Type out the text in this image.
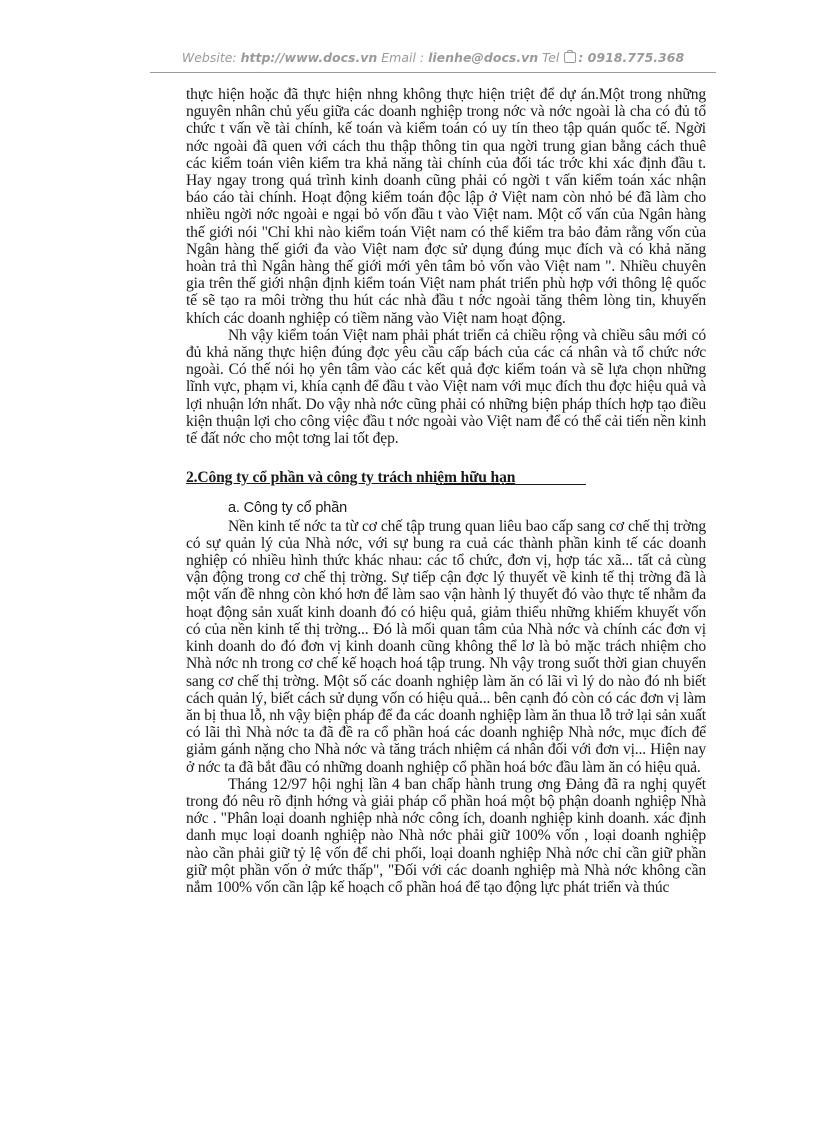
Website: http://www.docs.vn Email : lienhe@docs.vn Tel : 0918.775.368

thực hiện hoặc đã thực hiện nhng không thực hiện triệt để dự án.Một trong những nguyên nhân chủ yếu giữa các doanh nghiệp trong nớc và nớc ngoài là cha có đủ tổ chức t vấn về tài chính, kế toán và kiểm toán có uy tín theo tập quán quốc tế. Ngời nớc ngoài đã quen với cách thu thập thông tin qua ngời trung gian bằng cách thuê các kiểm toán viên kiểm tra khả năng tài chính của đối tác trớc khi xác định đầu t. Hay ngay trong quá trình kinh doanh cũng phải có ngời t vấn kiểm toán xác nhận báo cáo tài chính. Hoạt động kiểm toán độc lập ở Việt nam còn nhỏ bé đã làm cho nhiều ngời nớc ngoài e ngại bỏ vốn đầu t vào Việt nam. Một cố vấn của Ngân hàng thế giới nói "Chỉ khi nào kiểm toán Việt nam có thể kiểm tra bảo đảm rằng vốn của Ngân hàng thế giới đa vào Việt nam đợc sử dụng đúng mục đích và có khả năng hoàn trả thì Ngân hàng thế giới mới yên tâm bỏ vốn vào Việt nam ". Nhiều chuyên gia trên thế giới nhận định kiểm toán Việt nam phát triển phù hợp với thông lệ quốc tế sẽ tạo ra môi trờng thu hút các nhà đầu t nớc ngoài tăng thêm lòng tin, khuyến khích các doanh nghiệp có tiềm năng vào Việt nam hoạt động.

Nh vậy kiểm toán Việt nam phải phát triển cả chiều rộng và chiều sâu mới có đủ khả năng thực hiện đúng đợc yêu cầu cấp bách của các cá nhân và tổ chức nớc ngoài. Có thế nói họ yên tâm vào các kết quả đợc kiểm toán và sẽ lựa chọn những lĩnh vực, phạm vi, khía cạnh để đầu t vào Việt nam với mục đích thu đợc hiệu quả và lợi nhuận lớn nhất. Do vậy nhà nớc cũng phải có những biện pháp thích hợp tạo điều kiện thuận lợi cho công việc đầu t nớc ngoài vào Việt nam để có thể cải tiến nền kinh tế đất nớc cho một tơng lai tốt đẹp.

2.Công ty cổ phần và công ty trách nhiệm hữu hạn

a. Công ty cổ phần

Nền kinh tế nớc ta từ cơ chế tập trung quan liêu bao cấp sang cơ chế thị trờng có sự quản lý của Nhà nớc, với sự bung ra cuả các thành phần kinh tế các doanh nghiệp có nhiều hình thức khác nhau: các tổ chức, đơn vị, hợp tác xã... tất cả cùng vận động trong cơ chế thị trờng. Sự tiếp cận đợc lý thuyết về kinh tế thị trờng đã là một vấn đề nhng còn khó hơn để làm sao vận hành lý thuyết đó vào thực tế nhằm đa hoạt động sản xuất kinh doanh đó có hiệu quả, giảm thiểu những khiếm khuyết vốn có của nền kinh tế thị trờng... Đó là mối quan tâm của Nhà nớc và chính các đơn vị kinh doanh do đó đơn vị kinh doanh cũng không thể lơ là bỏ mặc trách nhiệm cho Nhà nớc nh trong cơ chế kế hoạch hoá tập trung. Nh vậy trong suốt thời gian chuyển sang cơ chế thị trờng. Một số các doanh nghiệp làm ăn có lãi vì lý do nào đó nh biết cách quản lý, biết cách sử dụng vốn có hiệu quả... bên cạnh đó còn có các đơn vị làm ăn bị thua lỗ, nh vậy biện pháp để đa các doanh nghiệp làm ăn thua lỗ trở lại sản xuất có lãi thì Nhà nớc ta đã đề ra cổ phần hoá các doanh nghiệp Nhà nớc, mục đích để giảm gánh nặng cho Nhà nớc và tăng trách nhiệm cá nhân đối với đơn vị... Hiện nay ở nớc ta đã bắt đầu có những doanh nghiệp cổ phần hoá bớc đầu làm ăn có hiệu quả.

Tháng 12/97 hội nghị lần 4 ban chấp hành trung ơng Đảng đã ra nghị quyết trong đó nêu rõ định hớng và giải pháp cổ phần hoá một bộ phận doanh nghiệp Nhà nớc . "Phân loại doanh nghiệp nhà nớc công ích, doanh nghiệp kinh doanh. xác định danh mục loại doanh nghiệp nào Nhà nớc phải giữ 100% vốn , loại doanh nghiệp nào cần phải giữ tỷ lệ vốn để chi phối, loại doanh nghiệp Nhà nớc chỉ cần giữ phần giữ một phần vốn ở mức thấp", "Đối với các doanh nghiệp mà Nhà nớc không cần nắm 100% vốn cần lập kế hoạch cổ phần hoá để tạo động lực phát triển và thúc
